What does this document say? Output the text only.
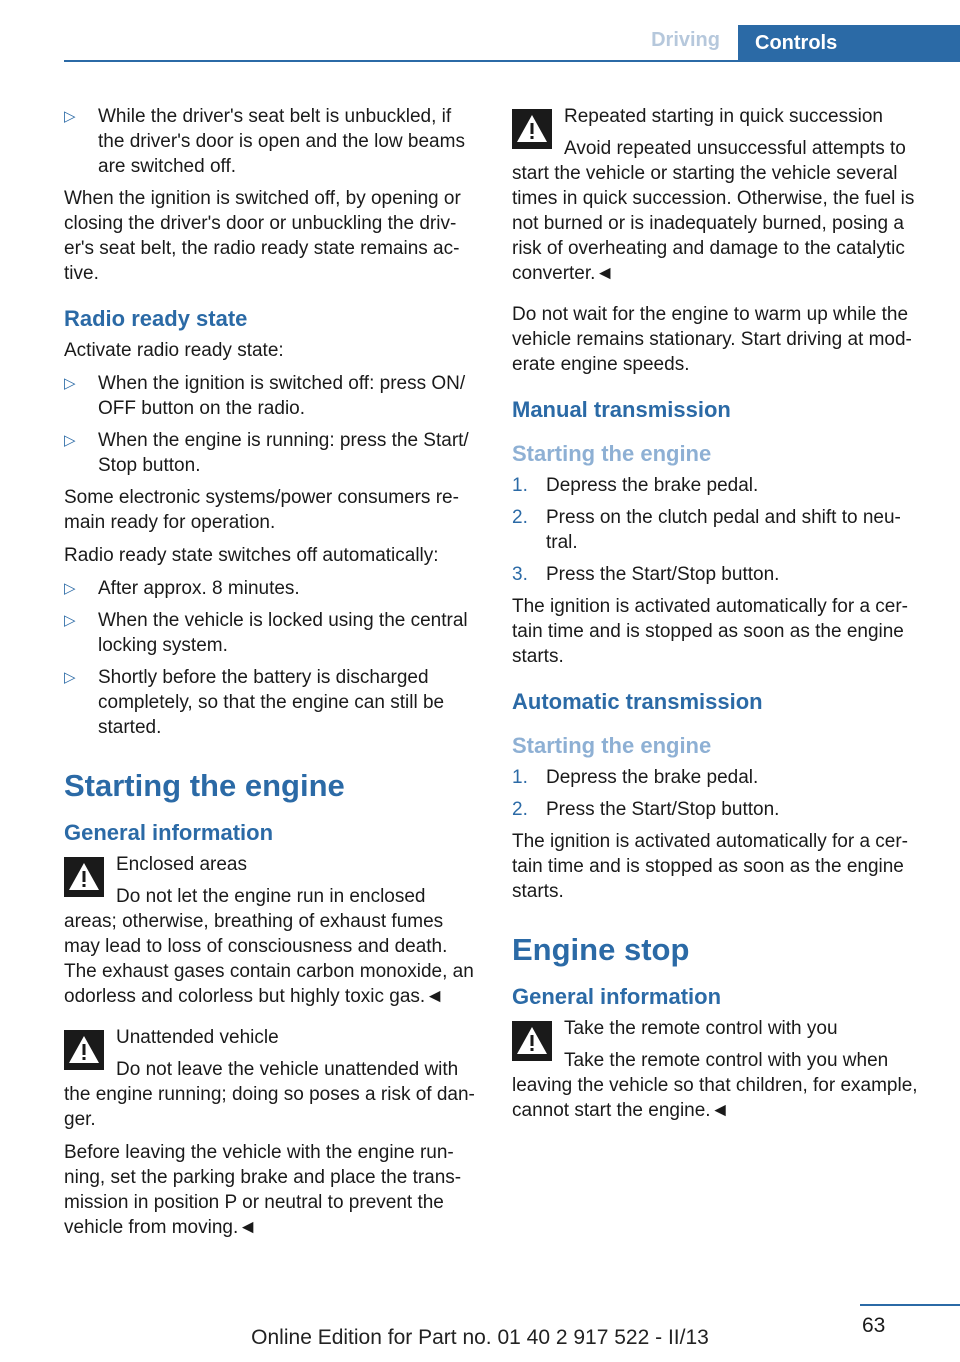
Driving	Controls
▷ While the driver's seat belt is unbuckled, if the driver's door is open and the low beams are switched off.

When the ignition is switched off, by opening or closing the driver's door or unbuckling the driv-er's seat belt, the radio ready state remains ac-tive.

Radio ready state

Activate radio ready state:

▷ When the ignition is switched off: press ON/ OFF button on the radio.
▷ When the engine is running: press the Start/ Stop button.

Some electronic systems/power consumers re-main ready for operation.

Radio ready state switches off automatically:

▷ After approx. 8 minutes.
▷ When the vehicle is locked using the central locking system.
▷ Shortly before the battery is discharged completely, so that the engine can still be started.
Starting the engine
General information
Enclosed areas
Do not let the engine run in enclosed areas; otherwise, breathing of exhaust fumes may lead to loss of consciousness and death. The exhaust gases contain carbon monoxide, an odorless and colorless but highly toxic gas.◄
Unattended vehicle
Do not leave the vehicle unattended with the engine running; doing so poses a risk of dan-ger.

Before leaving the vehicle with the engine run-ning, set the parking brake and place the trans-mission in position P or neutral to prevent the vehicle from moving.◄

Repeated starting in quick succession
Avoid repeated unsuccessful attempts to start the vehicle or starting the vehicle several times in quick succession. Otherwise, the fuel is not burned or is inadequately burned, posing a risk of overheating and damage to the catalytic converter.◄

Do not wait for the engine to warm up while the vehicle remains stationary. Start driving at mod-erate engine speeds.

Manual transmission
Starting the engine
1. Depress the brake pedal.
2. Press on the clutch pedal and shift to neu-tral.
3. Press the Start/Stop button.

The ignition is activated automatically for a cer-tain time and is stopped as soon as the engine starts.

Automatic transmission
Starting the engine
1. Depress the brake pedal.
2. Press the Start/Stop button.

The ignition is activated automatically for a cer-tain time and is stopped as soon as the engine starts.

Engine stop
General information
Take the remote control with you
Take the remote control with you when leaving the vehicle so that children, for example, cannot start the engine.◄
63
Online Edition for Part no. 01 40 2 917 522 - II/13
